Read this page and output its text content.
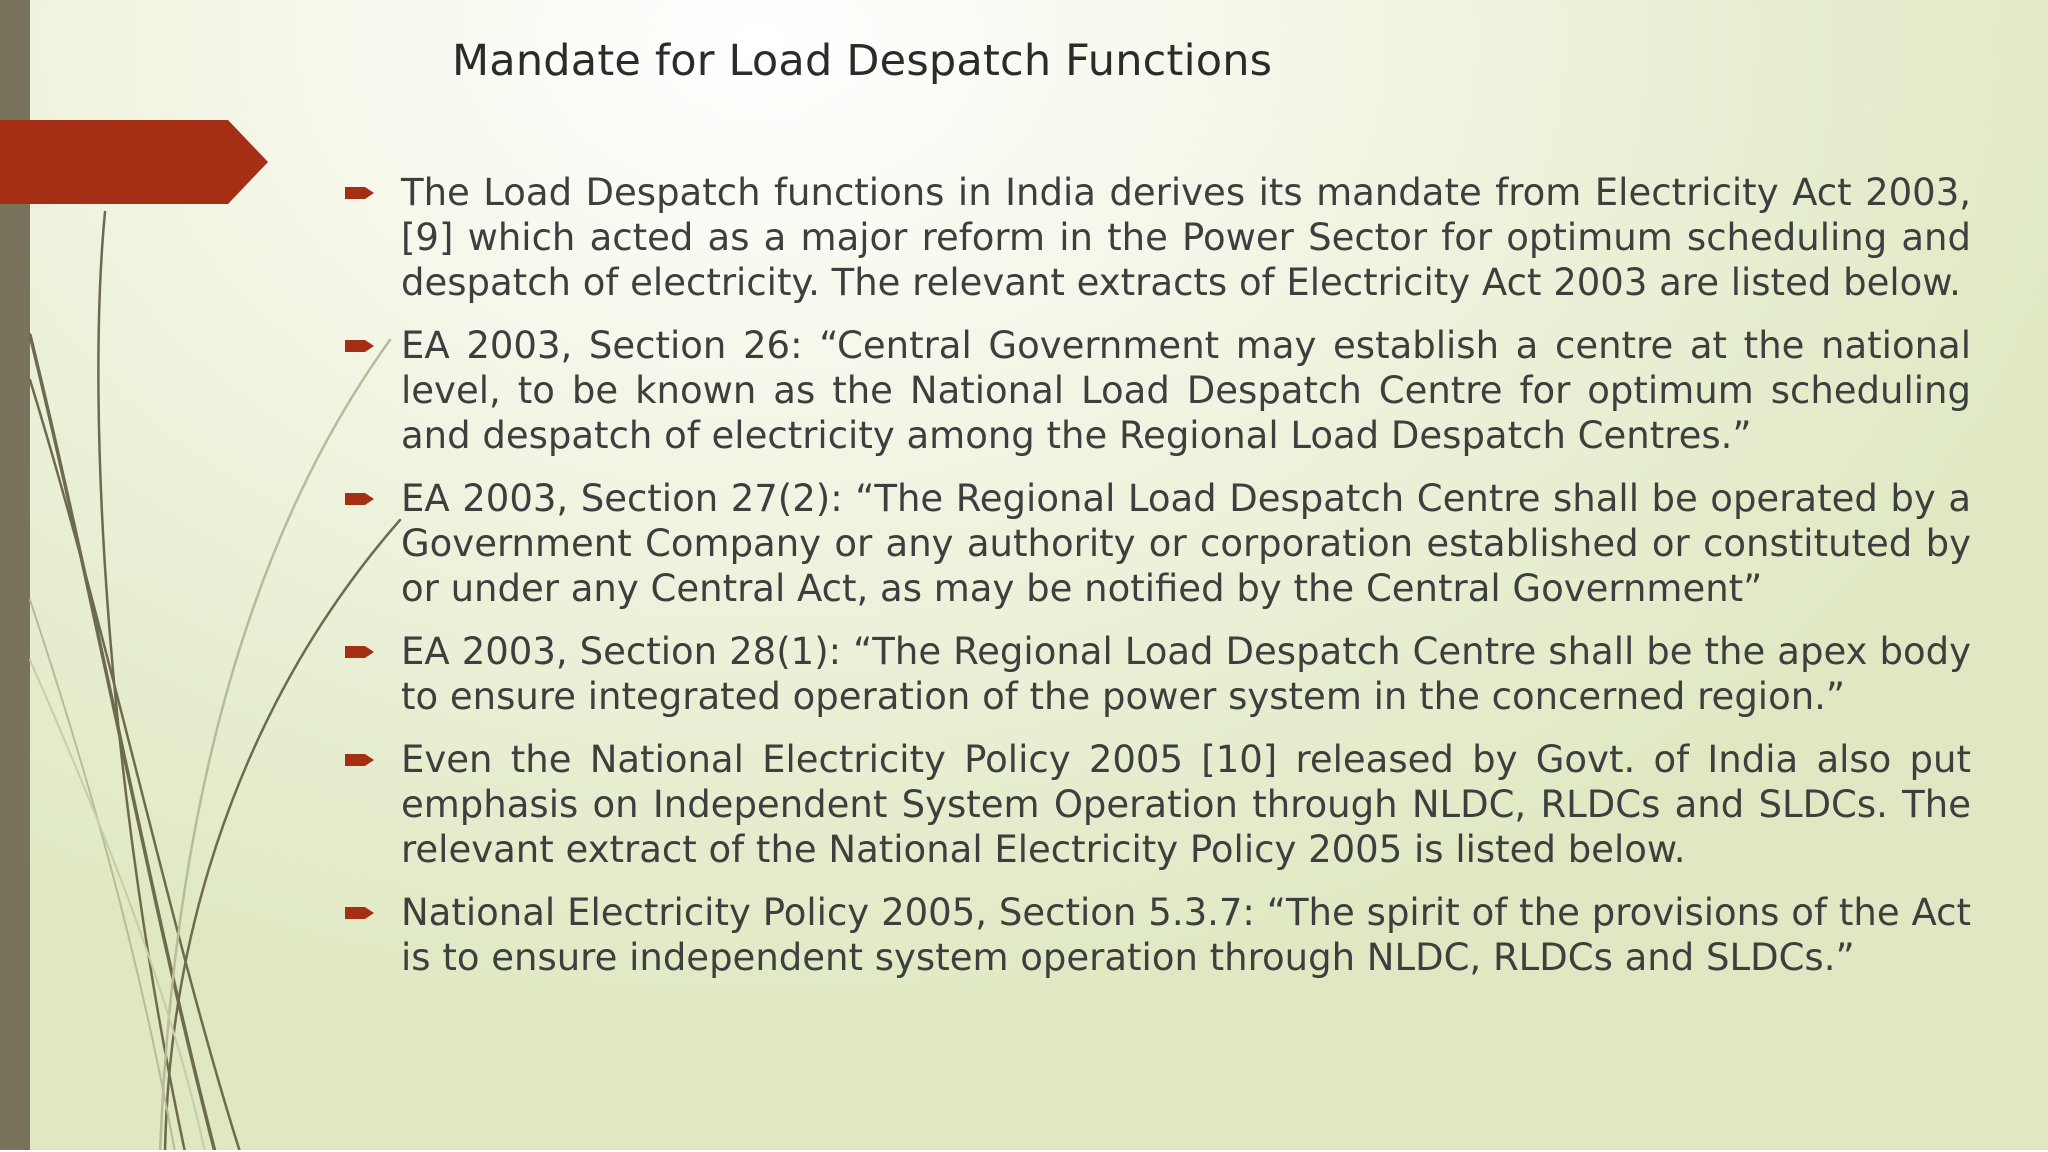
Mandate for Load Despatch Functions

The Load Despatch functions in India derives its mandate from Electricity Act 2003,[9] which acted as a major reform in the Power Sector for optimum scheduling and despatch of electricity. The relevant extracts of Electricity Act 2003 are listed below.

EA 2003, Section 26: “Central Government may establish a centre at the national level, to be known as the National Load Despatch Centre for optimum scheduling and despatch of electricity among the Regional Load Despatch Centres.”

EA 2003, Section 27(2): “The Regional Load Despatch Centre shall be operated by a Government Company or any authority or corporation established or constituted by or under any Central Act, as may be notified by the Central Government”

EA 2003, Section 28(1): “The Regional Load Despatch Centre shall be the apex body to ensure integrated operation of the power system in the concerned region.”

Even the National Electricity Policy 2005 [10] released by Govt. of India also put emphasis on Independent System Operation through NLDC, RLDCs and SLDCs. The relevant extract of the National Electricity Policy 2005 is listed below.

National Electricity Policy 2005, Section 5.3.7: “The spirit of the provisions of the Act is to ensure independent system operation through NLDC, RLDCs and SLDCs.”
